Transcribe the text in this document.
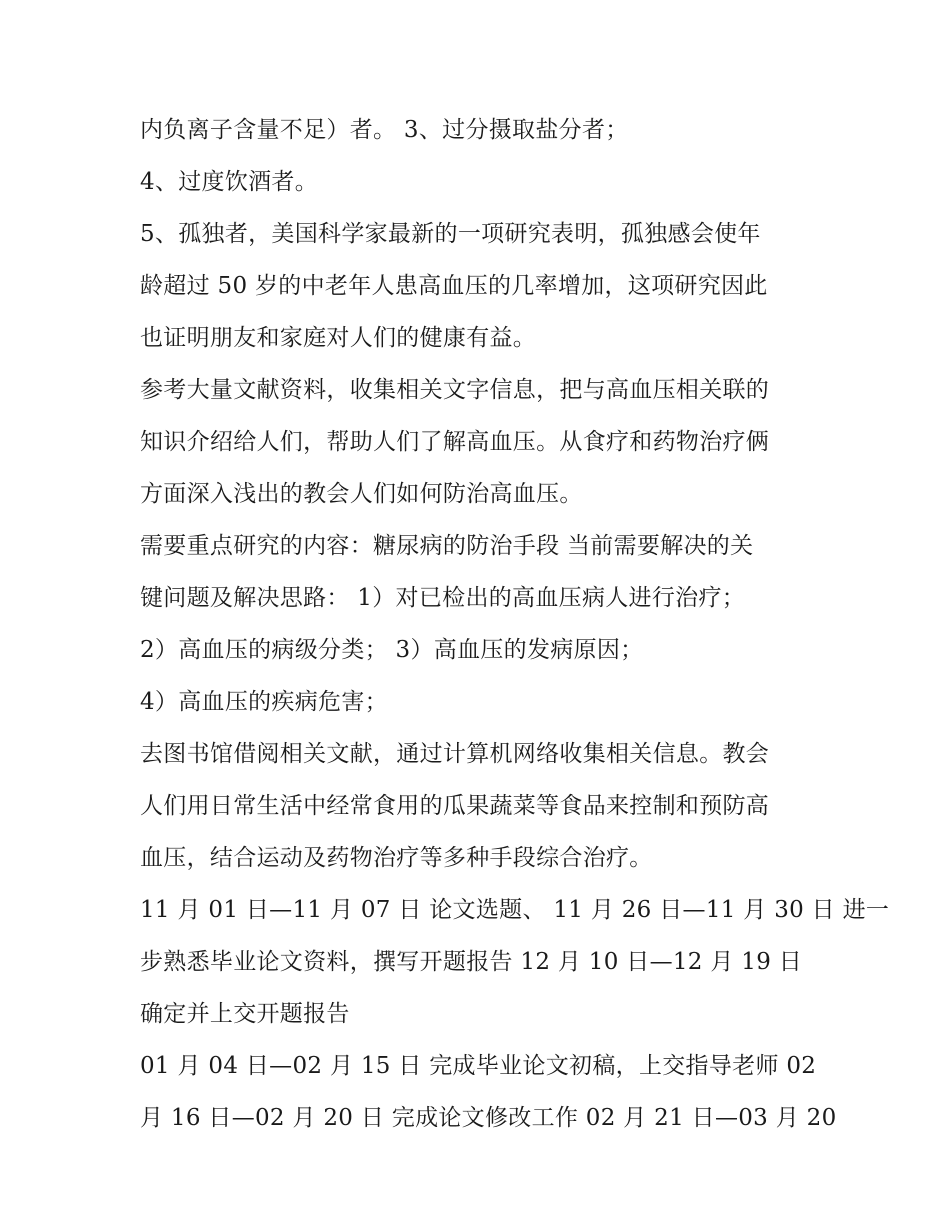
内负离子含量不足）者。 3、过分摄取盐分者；
4、过度饮酒者。
5、孤独者，美国科学家最新的一项研究表明，孤独感会使年
龄超过 50 岁的中老年人患高血压的几率增加，这项研究因此
也证明朋友和家庭对人们的健康有益。
参考大量文献资料，收集相关文字信息，把与高血压相关联的
知识介绍给人们，帮助人们了解高血压。从食疗和药物治疗俩
方面深入浅出的教会人们如何防治高血压。
需要重点研究的内容：糖尿病的防治手段 当前需要解决的关
键问题及解决思路： 1）对已检出的高血压病人进行治疗；
2）高血压的病级分类； 3）高血压的发病原因；
4）高血压的疾病危害；
去图书馆借阅相关文献，通过计算机网络收集相关信息。教会
人们用日常生活中经常食用的瓜果蔬菜等食品来控制和预防高
血压，结合运动及药物治疗等多种手段综合治疗。
11 月 01 日—11 月 07 日 论文选题、 11 月 26 日—11 月 30 日 进一
步熟悉毕业论文资料，撰写开题报告 12 月 10 日—12 月 19 日
确定并上交开题报告
01 月 04 日—02 月 15 日 完成毕业论文初稿，上交指导老师 02
月 16 日—02 月 20 日 完成论文修改工作 02 月 21 日—03 月 20
